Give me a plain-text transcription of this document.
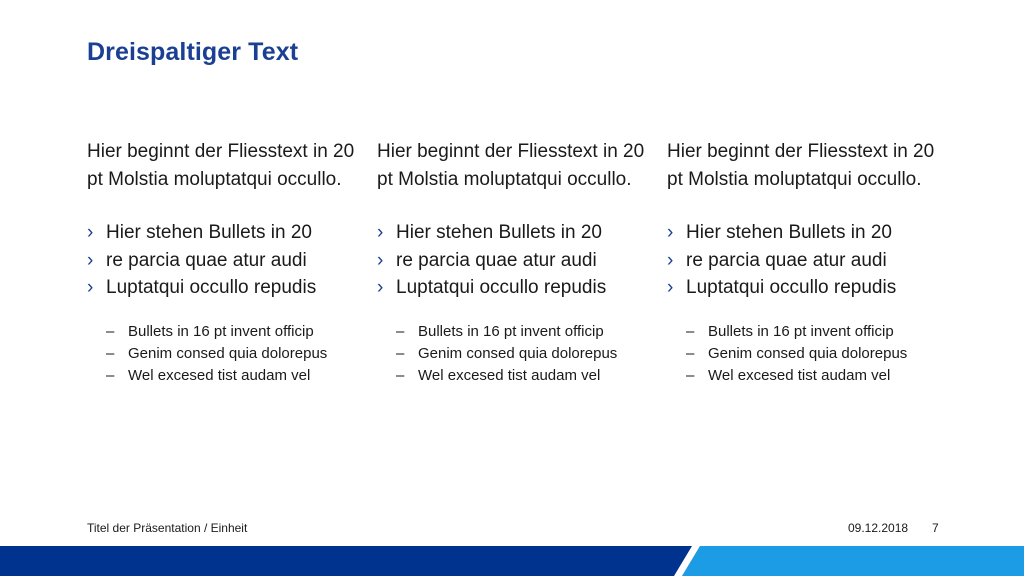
Dreispaltiger Text

Hier beginnt der Fliesstext in 20 pt Molstia moluptatqui occullo.

› Hier stehen Bullets in 20
› re parcia quae atur audi
› Luptatqui occullo repudis
– Bullets in 16 pt invent officip
– Genim consed quia dolorepus
– Wel excesed tist audam vel

Hier beginnt der Fliesstext in 20 pt Molstia moluptatqui occullo.

› Hier stehen Bullets in 20
› re parcia quae atur audi
› Luptatqui occullo repudis
– Bullets in 16 pt invent officip
– Genim consed quia dolorepus
– Wel excesed tist audam vel

Hier beginnt der Fliesstext in 20 pt Molstia moluptatqui occullo.

› Hier stehen Bullets in 20
› re parcia quae atur audi
› Luptatqui occullo repudis
– Bullets in 16 pt invent officip
– Genim consed quia dolorepus
– Wel excesed tist audam vel
Titel der Präsentation / Einheit	09.12.2018 7
